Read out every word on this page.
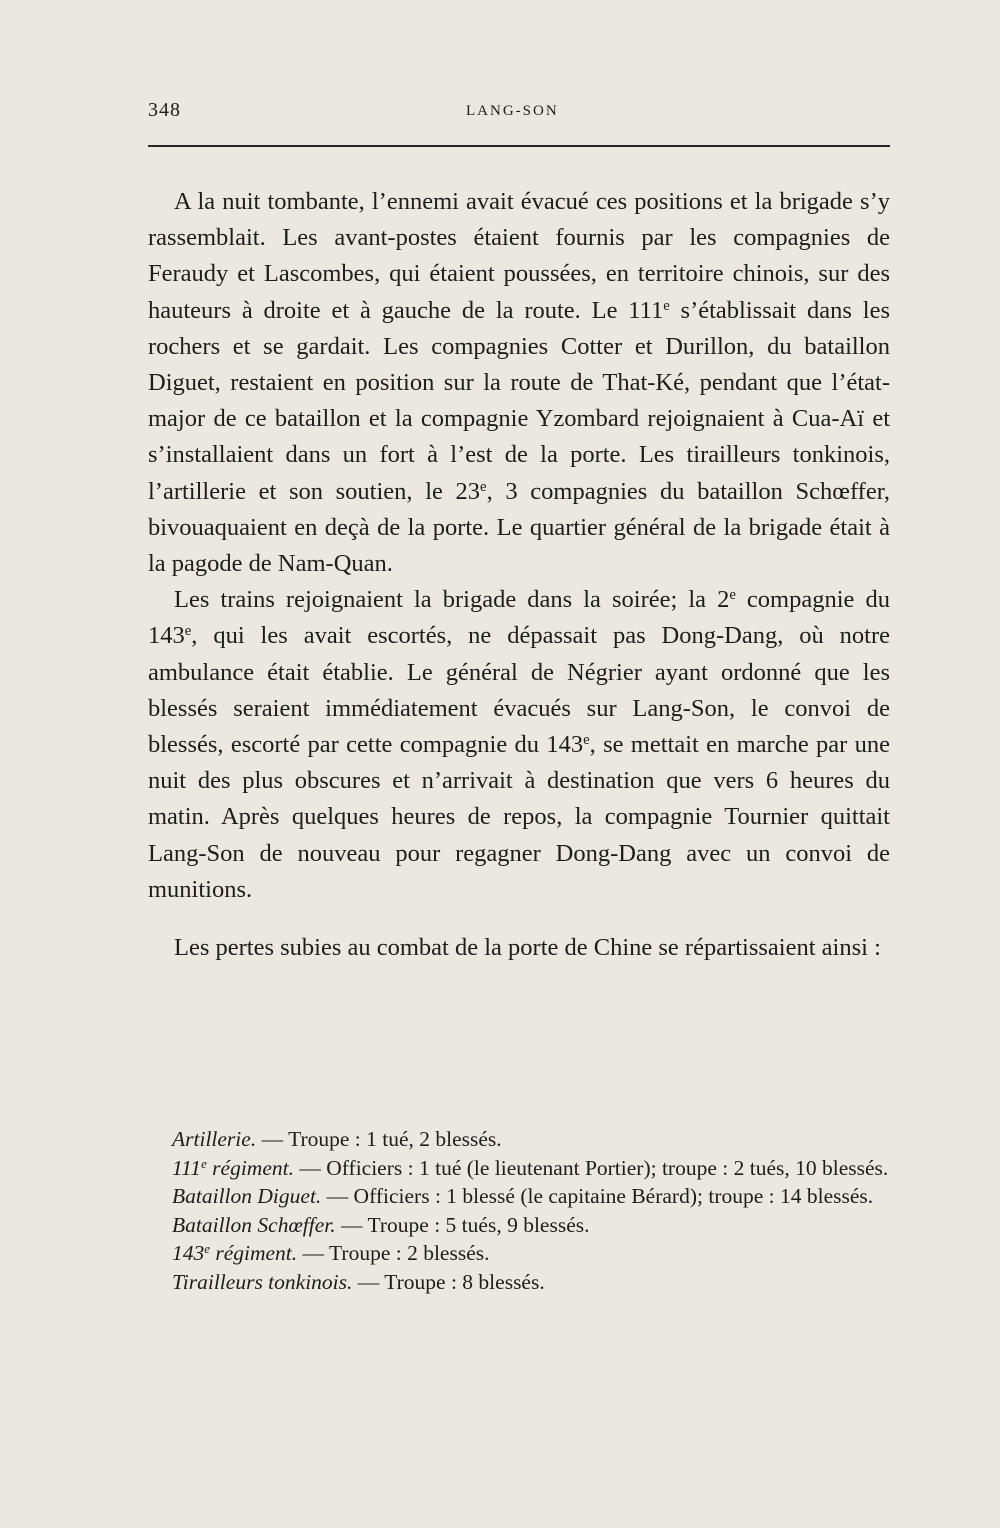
348	LANG-SON

A la nuit tombante, l’ennemi avait évacué ces positions et la brigade s’y rassemblait. Les avant-postes étaient fournis par les compagnies de Feraudy et Lascombes, qui étaient poussées, en territoire chinois, sur des hauteurs à droite et à gauche de la route. Le 111e s’établissait dans les rochers et se gardait. Les compagnies Cotter et Durillon, du bataillon Diguet, restaient en position sur la route de That-Ké, pendant que l’état-major de ce bataillon et la compagnie Yzombard rejoignaient à Cua-Aï et s’installaient dans un fort à l’est de la porte. Les tirailleurs tonkinois, l’artillerie et son soutien, le 23e, 3 compagnies du bataillon Schœffer, bivouaquaient en deçà de la porte. Le quartier général de la brigade était à la pagode de Nam-Quan.

Les trains rejoignaient la brigade dans la soirée; la 2e compagnie du 143e, qui les avait escortés, ne dépassait pas Dong-Dang, où notre ambulance était établie. Le général de Négrier ayant ordonné que les blessés seraient immédiatement évacués sur Lang-Son, le convoi de blessés, escorté par cette compagnie du 143e, se mettait en marche par une nuit des plus obscures et n’arrivait à destination que vers 6 heures du matin. Après quelques heures de repos, la compagnie Tournier quittait Lang-Son de nouveau pour regagner Dong-Dang avec un convoi de munitions.

Les pertes subies au combat de la porte de Chine se répartissaient ainsi :

Artillerie. — Troupe : 1 tué, 2 blessés.

111e régiment. — Officiers : 1 tué (le lieutenant Portier); troupe : 2 tués, 10 blessés.

Bataillon Diguet. — Officiers : 1 blessé (le capitaine Bérard); troupe : 14 blessés.

Bataillon Schœffer. — Troupe : 5 tués, 9 blessés.

143e régiment. — Troupe : 2 blessés.

Tirailleurs tonkinois. — Troupe : 8 blessés.
